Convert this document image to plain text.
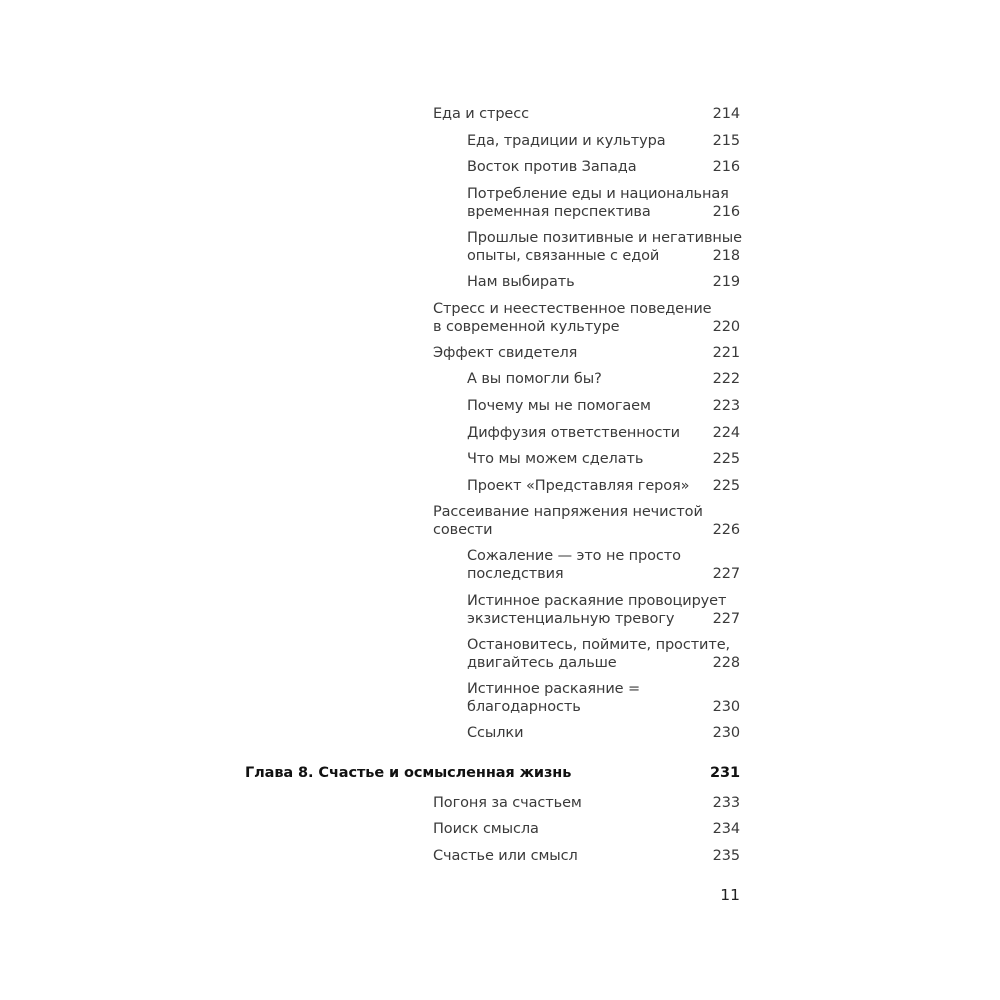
Еда и стресс	214
Еда, традиции и культура	215
Восток против Запада	216
Потребление еды и национальная
временная перспектива	216
Прошлые позитивные и негативные
опыты, связанные с едой	218
Нам выбирать	219
Стресс и неестественное поведение
в современной культуре	220
Эффект свидетеля	221
А вы помогли бы?	222
Почему мы не помогаем	223
Диффузия ответственности	224
Что мы можем сделать	225
Проект «Представляя героя»	225
Рассеивание напряжения нечистой
совести	226
Сожаление — это не просто
последствия	227
Истинное раскаяние провоцирует
экзистенциальную тревогу	227
Остановитесь, поймите, простите,
двигайтесь дальше	228
Истинное раскаяние =
благодарность	230
Ссылки	230
Глава 8. Счастье и осмысленная жизнь	231
Погоня за счастьем	233
Поиск смысла	234
Счастье или смысл	235
11
